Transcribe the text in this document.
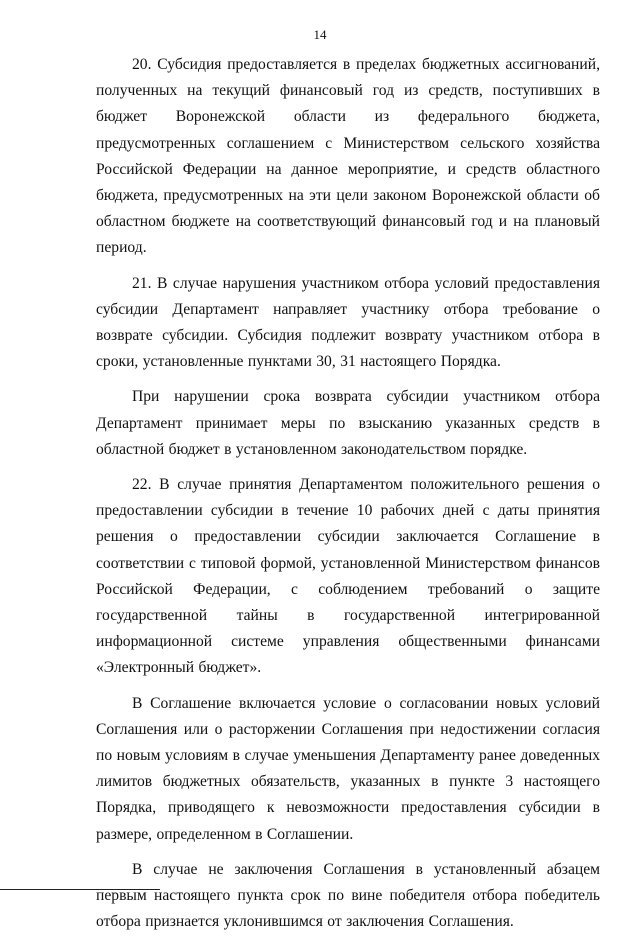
14

20. Субсидия предоставляется в пределах бюджетных ассигнований, полученных на текущий финансовый год из средств, поступивших в бюджет Воронежской области из федерального бюджета, предусмотренных соглашением с Министерством сельского хозяйства Российской Федерации на данное мероприятие, и средств областного бюджета, предусмотренных на эти цели законом Воронежской области об областном бюджете на соответствующий финансовый год и на плановый период.

21. В случае нарушения участником отбора условий предоставления субсидии Департамент направляет участнику отбора требование о возврате субсидии. Субсидия подлежит возврату участником отбора в сроки, установленные пунктами 30, 31 настоящего Порядка.

При нарушении срока возврата субсидии участником отбора Департамент принимает меры по взысканию указанных средств в областной бюджет в установленном законодательством порядке.

22. В случае принятия Департаментом положительного решения о предоставлении субсидии в течение 10 рабочих дней с даты принятия решения о предоставлении субсидии заключается Соглашение в соответствии с типовой формой, установленной Министерством финансов Российской Федерации, с соблюдением требований о защите государственной тайны в государственной интегрированной информационной системе управления общественными финансами «Электронный бюджет».

В Соглашение включается условие о согласовании новых условий Соглашения или о расторжении Соглашения при недостижении согласия по новым условиям в случае уменьшения Департаменту ранее доведенных лимитов бюджетных обязательств, указанных в пункте 3 настоящего Порядка, приводящего к невозможности предоставления субсидии в размере, определенном в Соглашении.

В случае не заключения Соглашения в установленный абзацем первым настоящего пункта срок по вине победителя отбора победитель отбора признается уклонившимся от заключения Соглашения.
